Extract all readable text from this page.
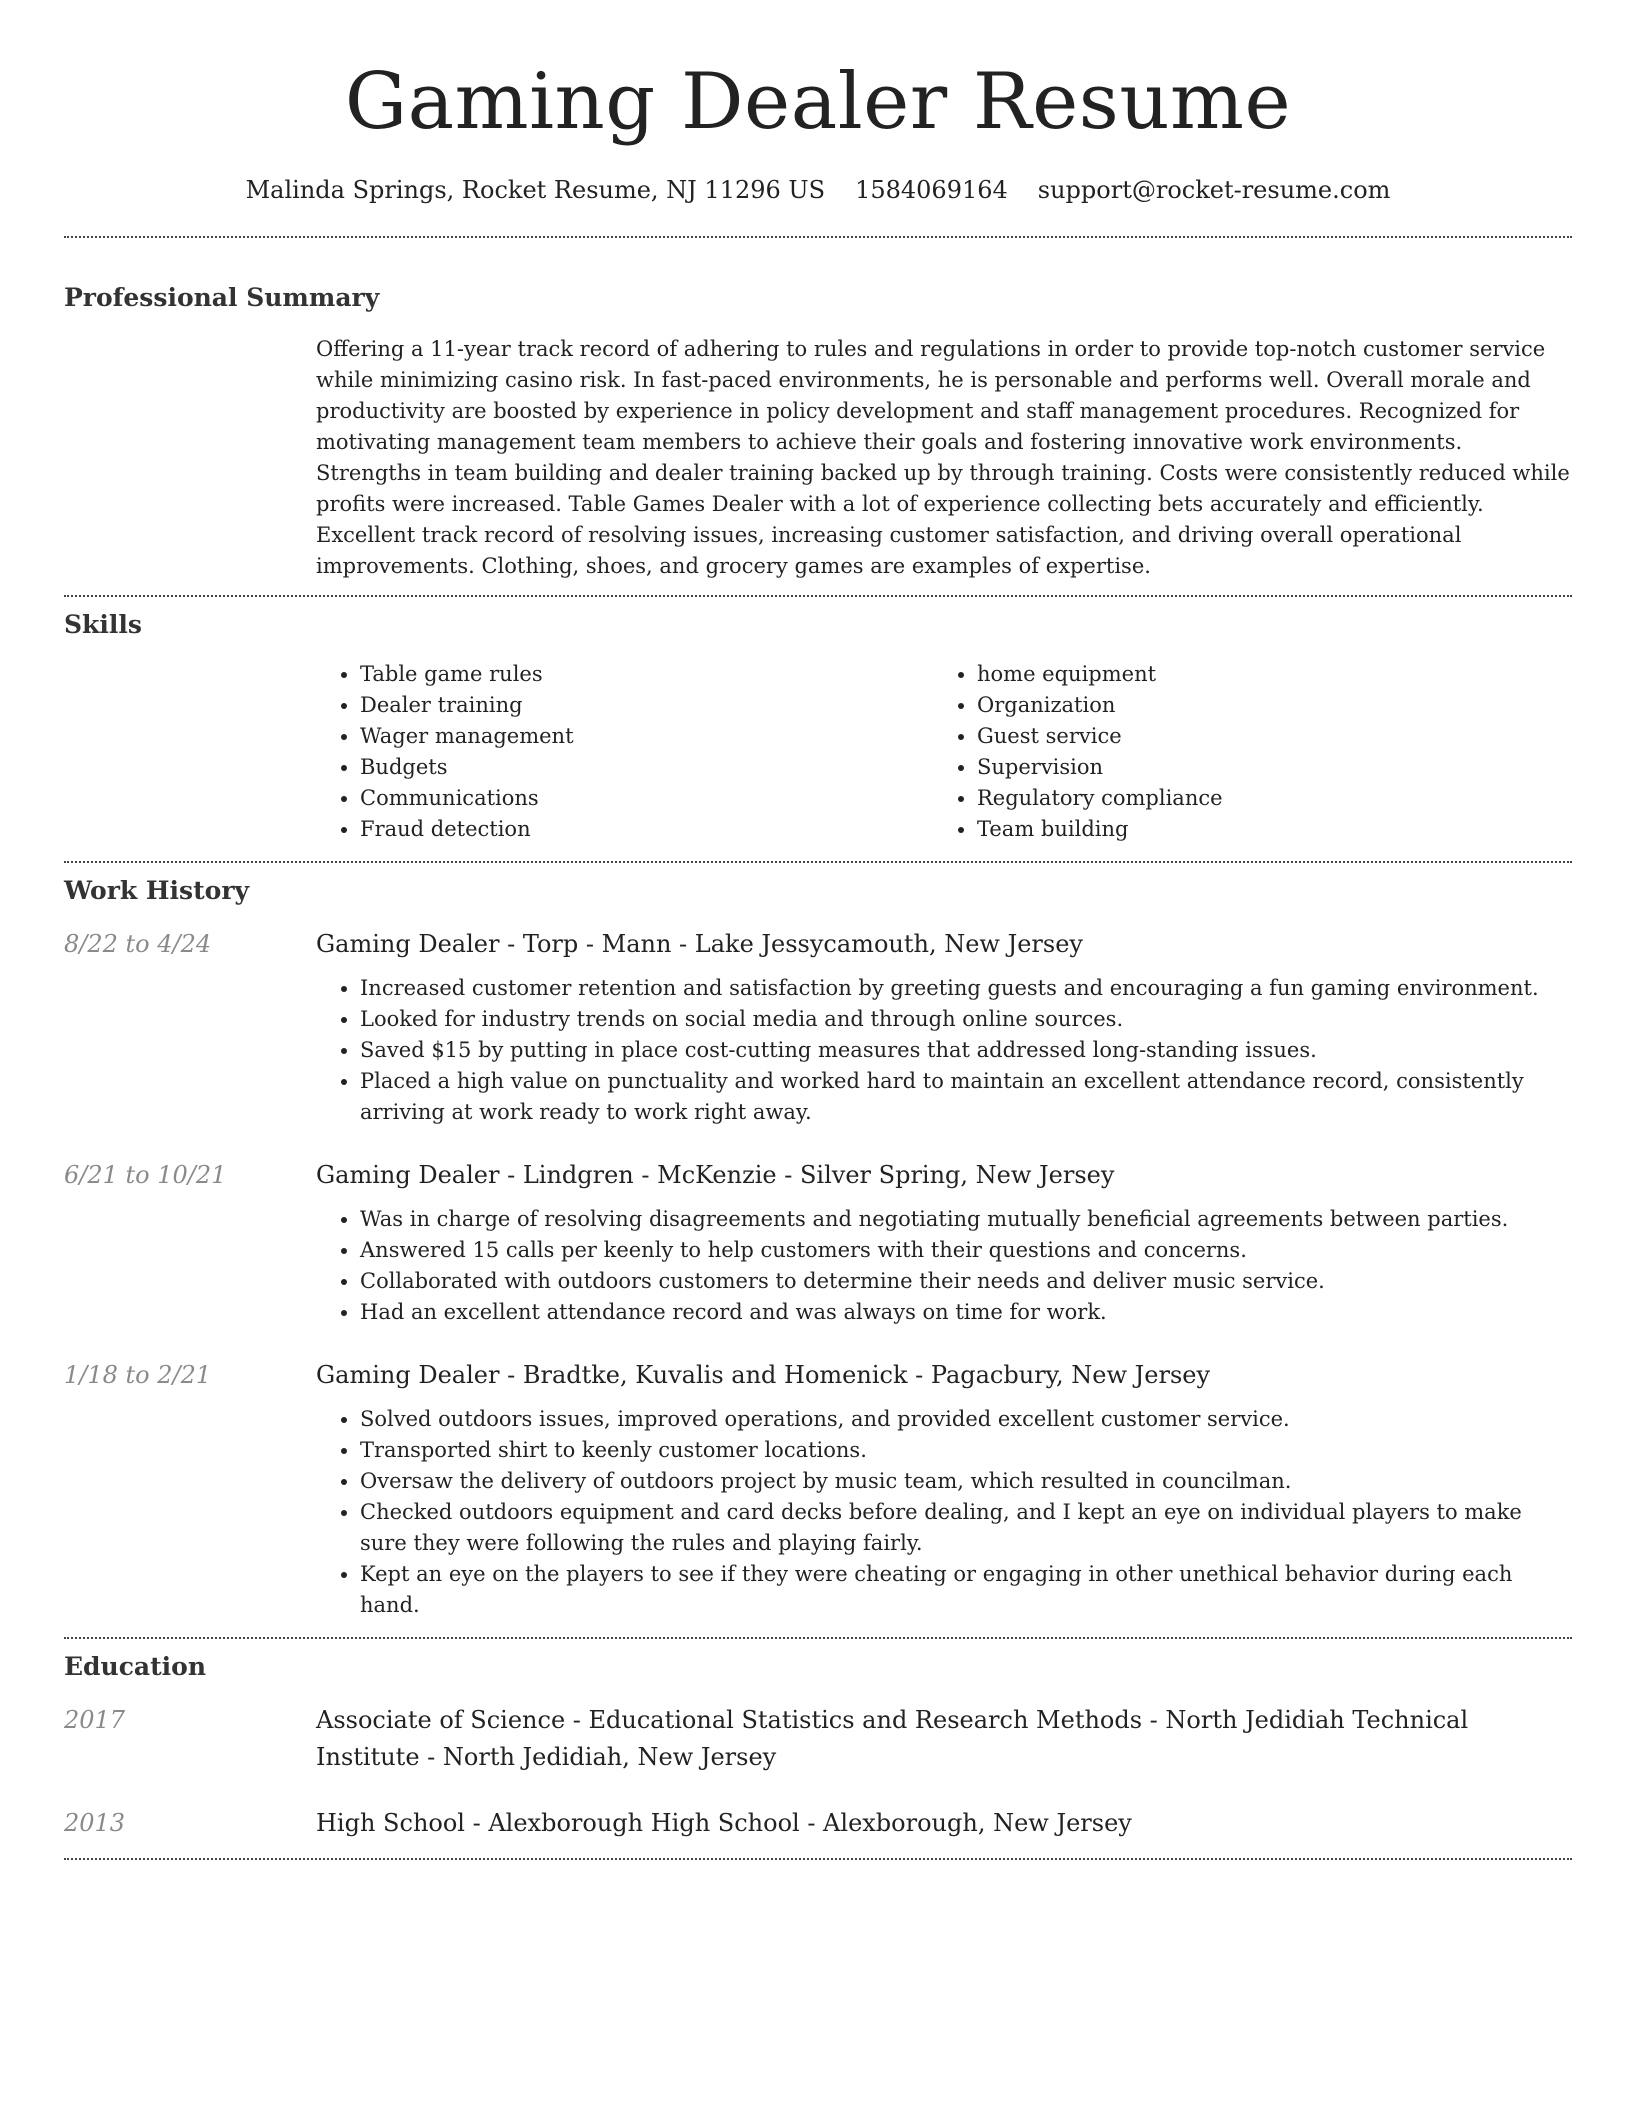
Gaming Dealer Resume
Malinda Springs, Rocket Resume, NJ 11296 US 1584069164 support@rocket-resume.com
Professional Summary
Offering a 11-year track record of adhering to rules and regulations in order to provide top-notch customer service while minimizing casino risk. In fast-paced environments, he is personable and performs well. Overall morale and productivity are boosted by experience in policy development and staff management procedures. Recognized for motivating management team members to achieve their goals and fostering innovative work environments. Strengths in team building and dealer training backed up by through training. Costs were consistently reduced while profits were increased. Table Games Dealer with a lot of experience collecting bets accurately and efficiently. Excellent track record of resolving issues, increasing customer satisfaction, and driving overall operational improvements. Clothing, shoes, and grocery games are examples of expertise.
Skills
• Table game rules
• Dealer training
• Wager management
• Budgets
• Communications
• Fraud detection
• home equipment
• Organization
• Guest service
• Supervision
• Regulatory compliance
• Team building
Work History
8/22 to 4/24	Gaming Dealer - Torp - Mann - Lake Jessycamouth, New Jersey
• Increased customer retention and satisfaction by greeting guests and encouraging a fun gaming environment.
• Looked for industry trends on social media and through online sources.
• Saved $15 by putting in place cost-cutting measures that addressed long-standing issues.
• Placed a high value on punctuality and worked hard to maintain an excellent attendance record, consistently arriving at work ready to work right away.
6/21 to 10/21	Gaming Dealer - Lindgren - McKenzie - Silver Spring, New Jersey
• Was in charge of resolving disagreements and negotiating mutually beneficial agreements between parties.
• Answered 15 calls per keenly to help customers with their questions and concerns.
• Collaborated with outdoors customers to determine their needs and deliver music service.
• Had an excellent attendance record and was always on time for work.
1/18 to 2/21	Gaming Dealer - Bradtke, Kuvalis and Homenick - Pagacbury, New Jersey
• Solved outdoors issues, improved operations, and provided excellent customer service.
• Transported shirt to keenly customer locations.
• Oversaw the delivery of outdoors project by music team, which resulted in councilman.
• Checked outdoors equipment and card decks before dealing, and I kept an eye on individual players to make sure they were following the rules and playing fairly.
• Kept an eye on the players to see if they were cheating or engaging in other unethical behavior during each hand.
Education
2017	Associate of Science - Educational Statistics and Research Methods - North Jedidiah Technical Institute - North Jedidiah, New Jersey
2013	High School - Alexborough High School - Alexborough, New Jersey
